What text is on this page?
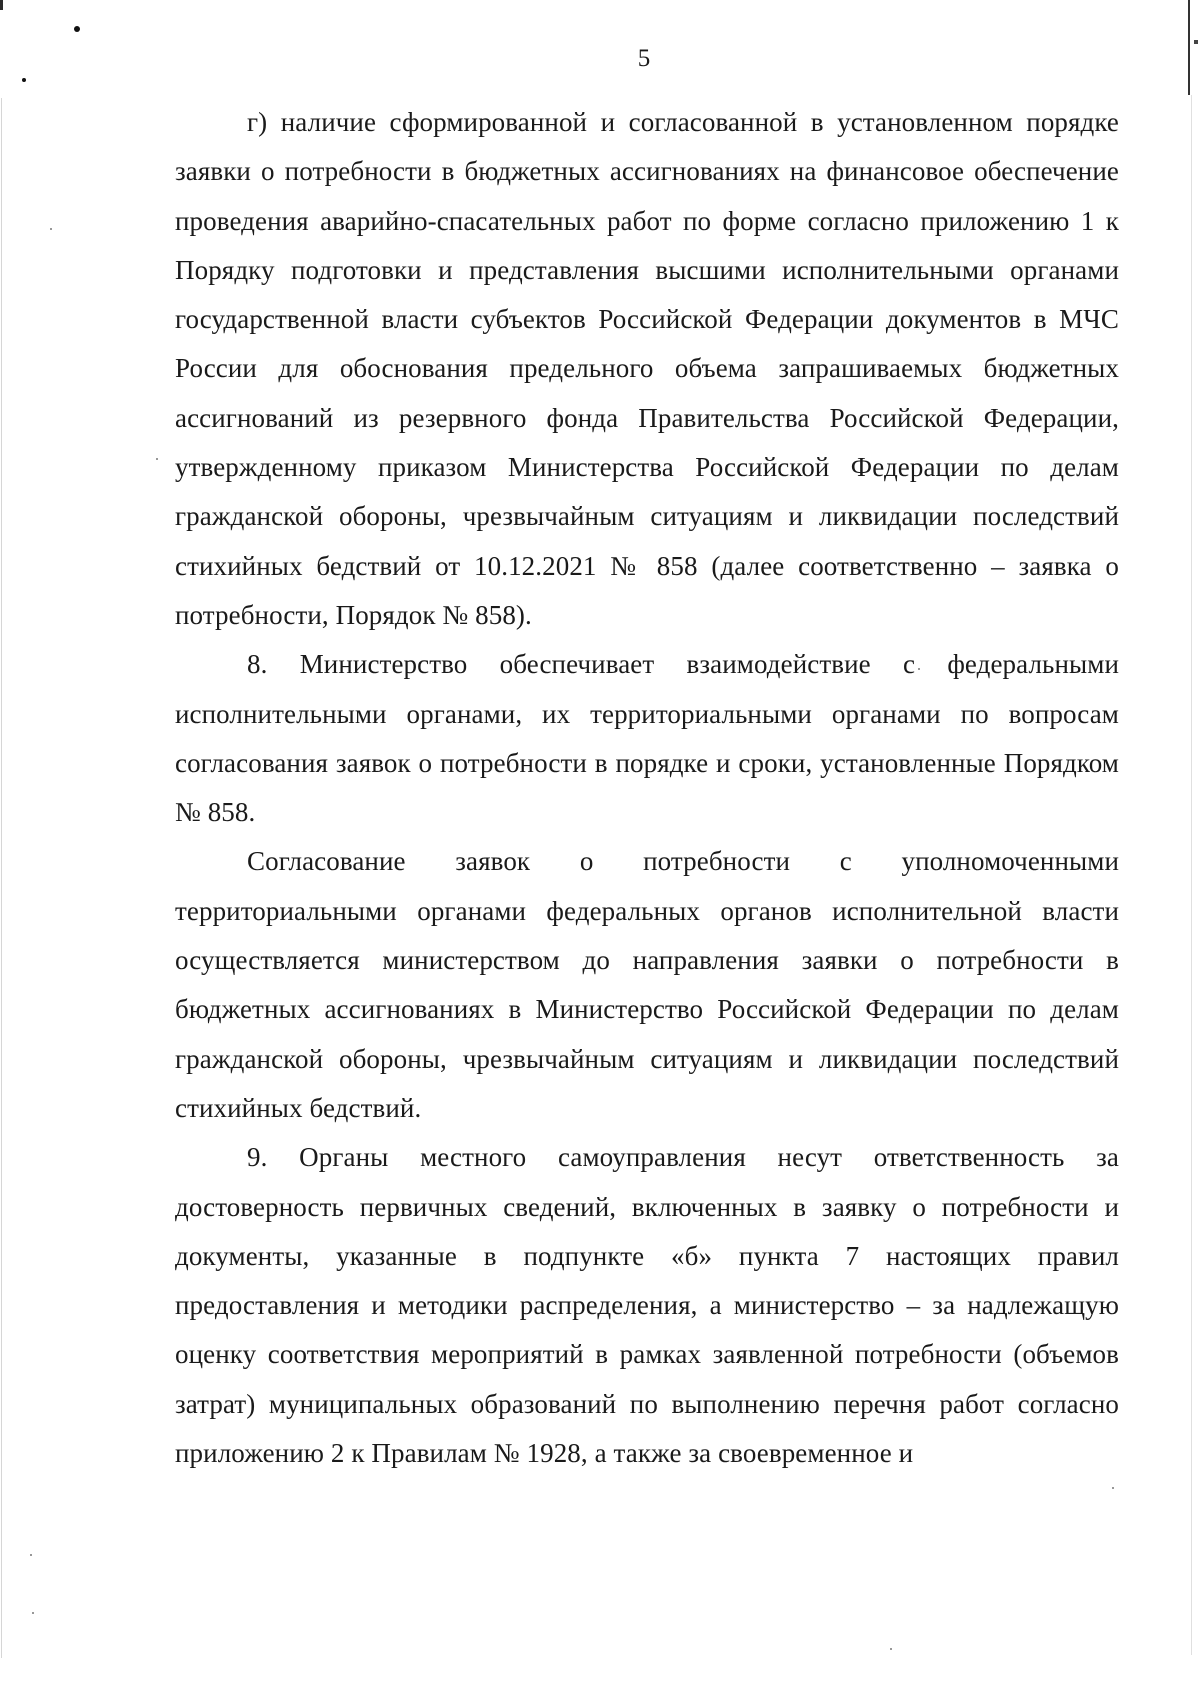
5

г) наличие сформированной и согласованной в установленном порядке заявки о потребности в бюджетных ассигнованиях на финансовое обеспечение проведения аварийно-спасательных работ по форме согласно приложению 1 к Порядку подготовки и представления высшими исполнительными органами государственной власти субъектов Российской Федерации документов в МЧС России для обоснования предельного объема запрашиваемых бюджетных ассигнований из резервного фонда Правительства Российской Федерации, утвержденному приказом Министерства Российской Федерации по делам гражданской обороны, чрезвычайным ситуациям и ликвидации последствий стихийных бедствий от 10.12.2021 № 858 (далее соответственно – заявка о потребности, Порядок № 858).

8. Министерство обеспечивает взаимодействие с федеральными исполнительными органами, их территориальными органами по вопросам согласования заявок о потребности в порядке и сроки, установленные Порядком № 858.

Согласование заявок о потребности с уполномоченными территориальными органами федеральных органов исполнительной власти осуществляется министерством до направления заявки о потребности в бюджетных ассигнованиях в Министерство Российской Федерации по делам гражданской обороны, чрезвычайным ситуациям и ликвидации последствий стихийных бедствий.

9. Органы местного самоуправления несут ответственность за достоверность первичных сведений, включенных в заявку о потребности и документы, указанные в подпункте «б» пункта 7 настоящих правил предоставления и методики распределения, а министерство – за надлежащую оценку соответствия мероприятий в рамках заявленной потребности (объемов затрат) муниципальных образований по выполнению перечня работ согласно приложению 2 к Правилам № 1928, а также за своевременное и
